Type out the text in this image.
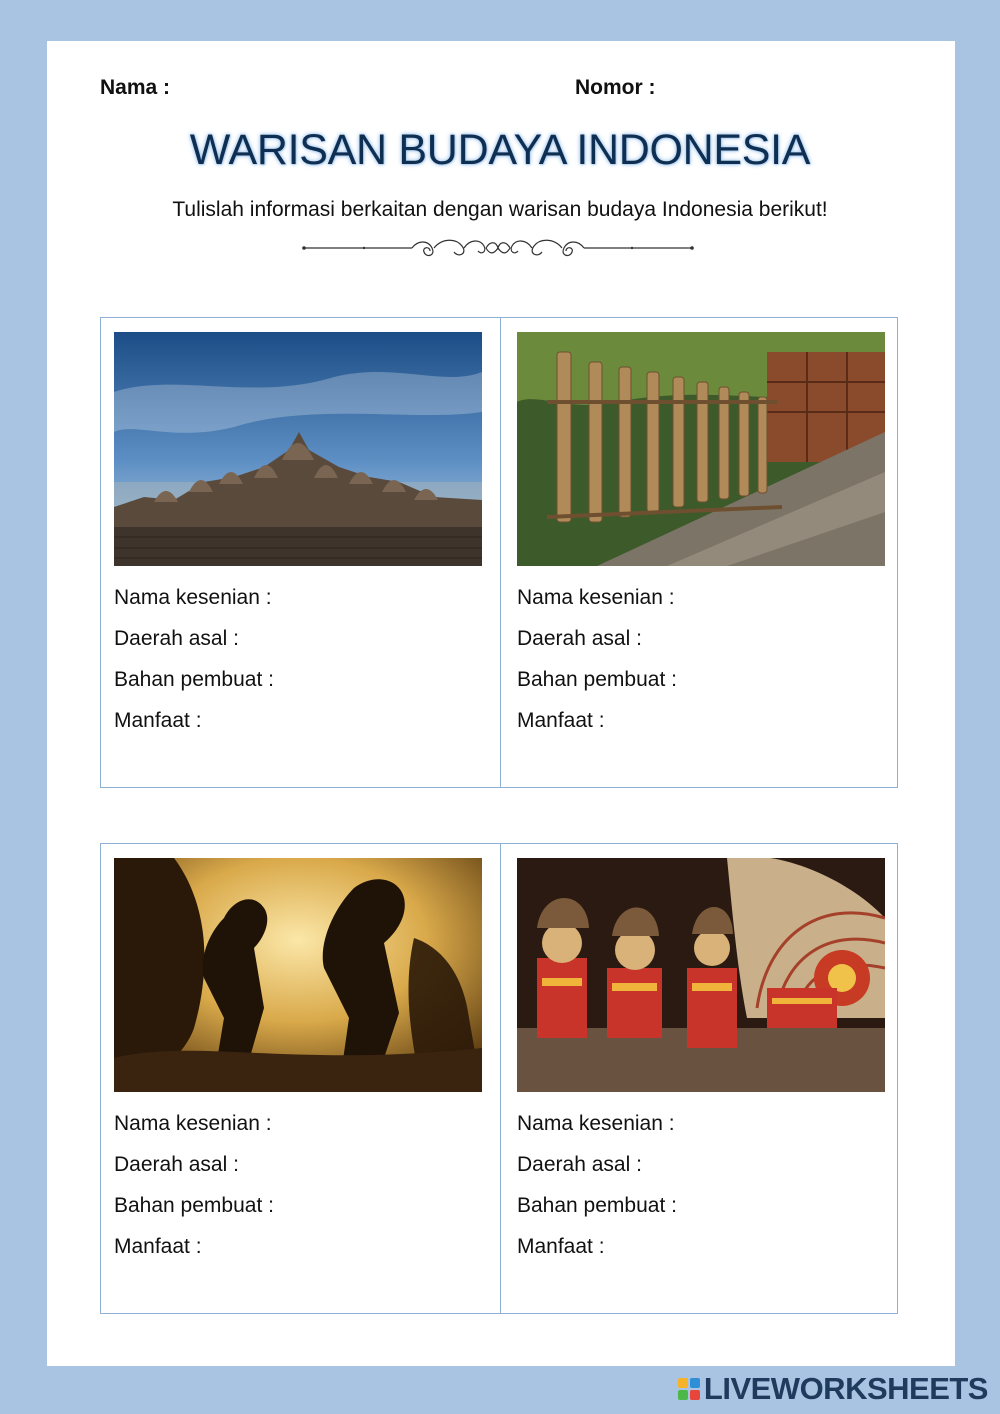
Nama :	Nomor :
WARISAN BUDAYA INDONESIA
Tulislah informasi berkaitan dengan warisan budaya Indonesia berikut!
Nama kesenian :
Daerah asal :
Bahan pembuat :
Manfaat :
Nama kesenian :
Daerah asal :
Bahan pembuat :
Manfaat :
Nama kesenian :
Daerah asal :
Bahan pembuat :
Manfaat :
Nama kesenian :
Daerah asal :
Bahan pembuat :
Manfaat :
LIVEWORKSHEETS
